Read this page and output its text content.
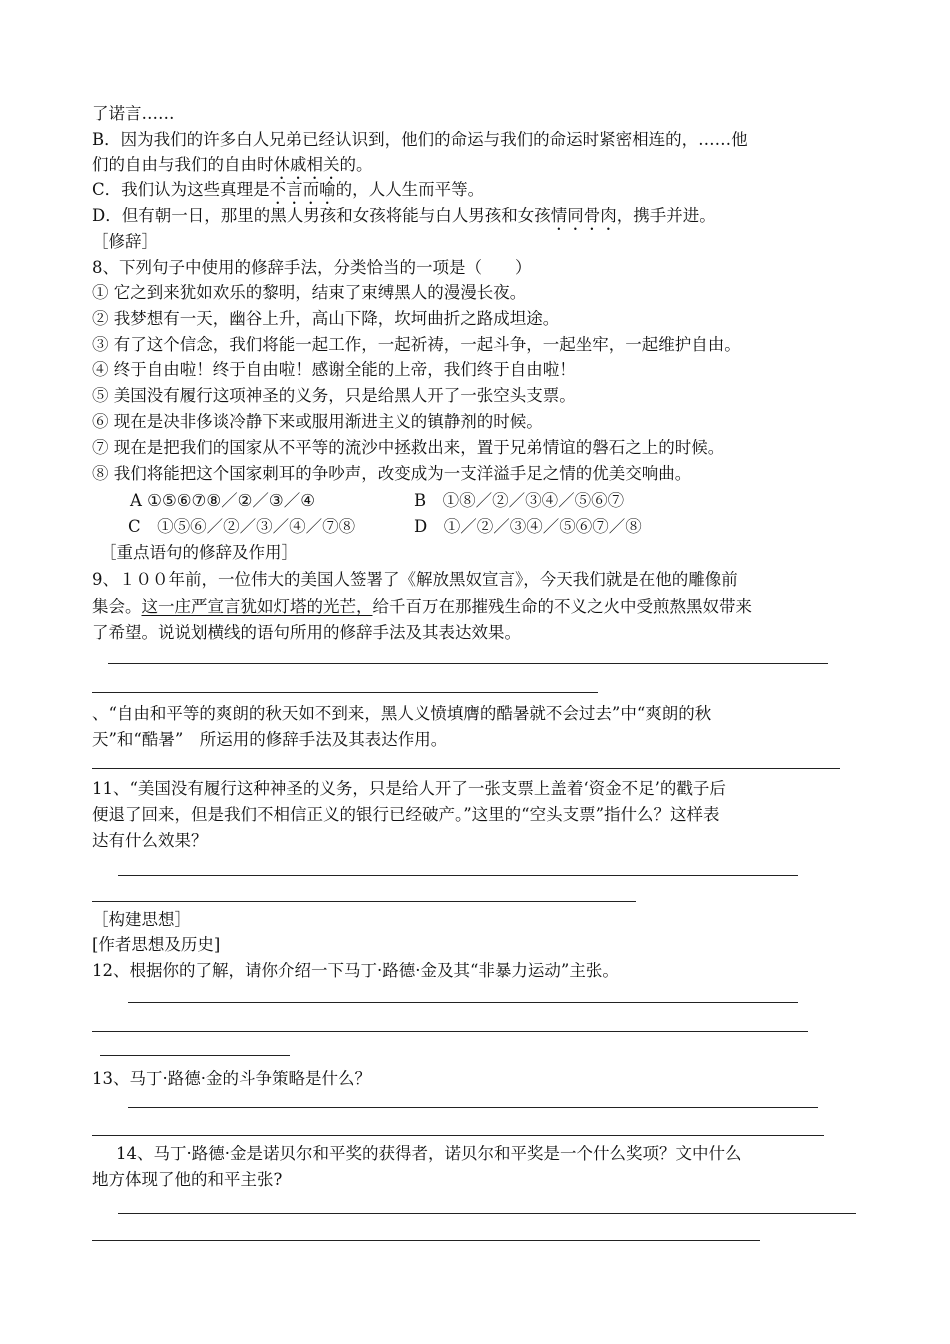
了诺言……
B．因为我们的许多白人兄弟已经认识到，他们的命运与我们的命运时紧密相连的，……他
们的自由与我们的自由时休戚相关的。
C．我们认为这些真理是不言而喻的，人人生而平等。
D．但有朝一日，那里的黑人男孩和女孩将能与白人男孩和女孩情同骨肉，携手并进。
［修辞］
8、下列句子中使用的修辞手法，分类恰当的一项是（　　）
① 它之到来犹如欢乐的黎明，结束了束缚黑人的漫漫长夜。
② 我梦想有一天，幽谷上升，高山下降，坎坷曲折之路成坦途。
③ 有了这个信念，我们将能一起工作，一起祈祷，一起斗争，一起坐牢，一起维护自由。
④ 终于自由啦！终于自由啦！感谢全能的上帝，我们终于自由啦！
⑤ 美国没有履行这项神圣的义务，只是给黑人开了一张空头支票。
⑥ 现在是决非侈谈冷静下来或服用渐进主义的镇静剂的时候。
⑦ 现在是把我们的国家从不平等的流沙中拯救出来，置于兄弟情谊的磐石之上的时候。
⑧ 我们将能把这个国家刺耳的争吵声，改变成为一支洋溢手足之情的优美交响曲。
A ①⑤⑥⑦⑧／②／③／④	B　①⑧／②／③④／⑤⑥⑦
C　①⑤⑥／②／③／④／⑦⑧	D　①／②／③④／⑤⑥⑦／⑧
［重点语句的修辞及作用］
9、１００年前，一位伟大的美国人签署了《解放黑奴宣言》，今天我们就是在他的雕像前
集会。这一庄严宣言犹如灯塔的光芒，给千百万在那摧残生命的不义之火中受煎熬黑奴带来
了希望。说说划横线的语句所用的修辞手法及其表达效果。
、“自由和平等的爽朗的秋天如不到来，黑人义愤填膺的酷暑就不会过去”中“爽朗的秋
天”和“酷暑”　所运用的修辞手法及其表达作用。
11、“美国没有履行这种神圣的义务，只是给人开了一张支票上盖着‘资金不足’的戳子后
便退了回来，但是我们不相信正义的银行已经破产。”这里的“空头支票”指什么？这样表
达有什么效果？
［构建思想］
[作者思想及历史]
12、根据你的了解，请你介绍一下马丁·路德·金及其“非暴力运动”主张。
13、马丁·路德·金的斗争策略是什么？
14、马丁·路德·金是诺贝尔和平奖的获得者，诺贝尔和平奖是一个什么奖项？文中什么
地方体现了他的和平主张?
